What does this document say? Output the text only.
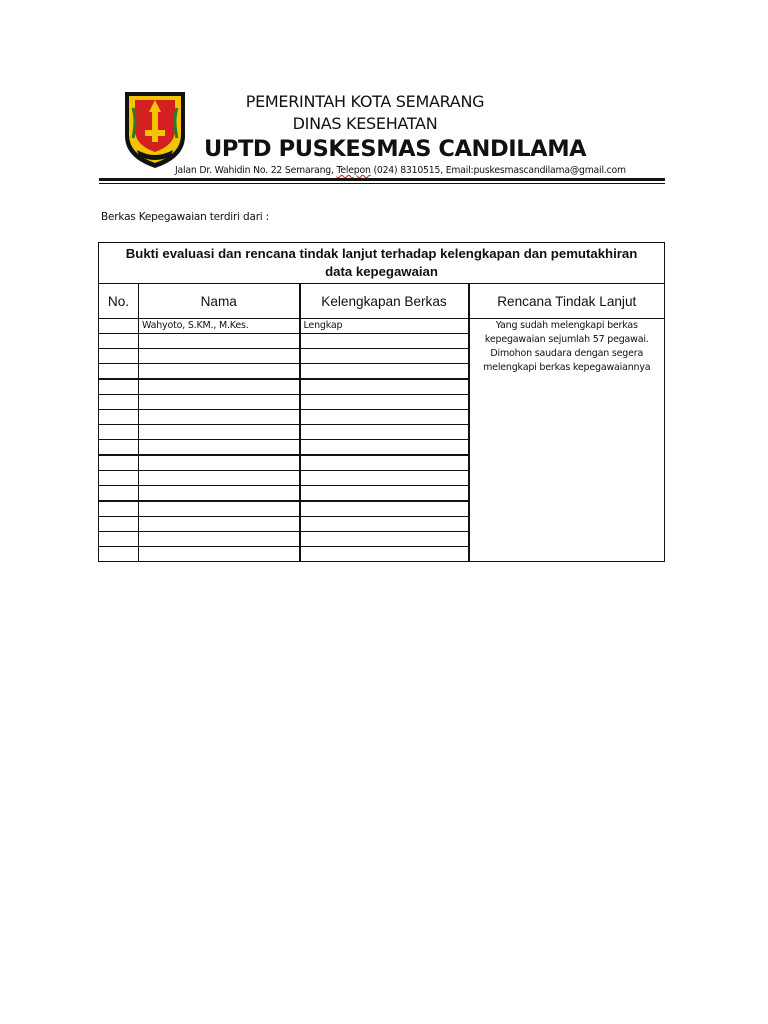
PEMERINTAH KOTA SEMARANG
DINAS KESEHATAN
UPTD PUSKESMAS CANDILAMA
Jalan Dr. Wahidin No. 22 Semarang, Telepon (024) 8310515, Email:puskesmascandilama@gmail.com
Berkas Kepegawaian terdiri dari :
Bukti evaluasi dan rencana tindak lanjut terhadap kelengkapan dan pemutakhiran
data kepegawaian			

No.	Nama	Kelengkapan Berkas	Rencana Tindak Lanjut
	Wahyoto, S.KM., M.Kes.	Lengkap	Yang sudah melengkapi berkas
kepegawaian sejumlah 57 pegawai.
Dimohon saudara dengan segera
melengkapi berkas kepegawaiannya
